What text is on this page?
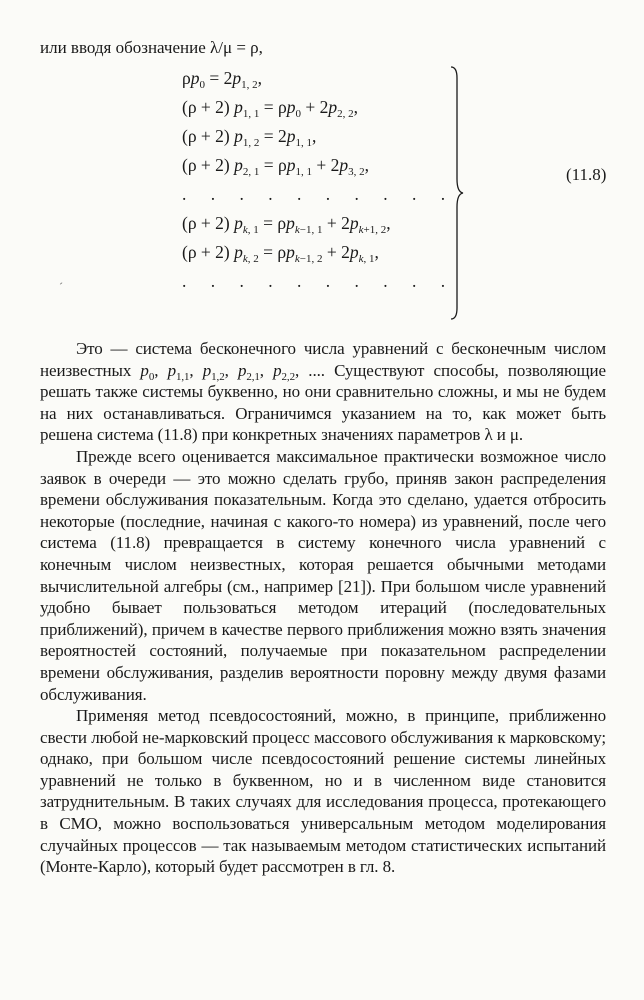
или вводя обозначение λ/μ = ρ,

$\rho p_0 = 2p_{1, 2}$,
(ρ + 2) $p_{1, 1} = \rho p_0 + 2p_{2, 2}$,
(ρ + 2) $p_{1, 2} = 2p_{1, 1}$,
(ρ + 2) $p_{2, 1} = \rho p_{1, 1} + 2p_{3, 2}$,
. . . . . . . . . .
(ρ + 2) $p_{k, 1} = \rho p_{k-1, 1} + 2p_{k+1, 2}$,
(ρ + 2) $p_{k, 2} = \rho p_{k-1, 2} + 2p_{k, 1}$,
. . . . . . . . . .
(11.8)

Это — система бесконечного числа уравнений с бесконечным числом неизвестных $p_0$, $p_{1,1}$, $p_{1,2}$, $p_{2,1}$, $p_{2,2}$, .... Существуют способы, позволяющие решать также системы буквенно, но они сравнительно сложны, и мы не будем на них останавливаться. Ограничимся указанием на то, как может быть решена система (11.8) при конкретных значениях параметров λ и μ.

Прежде всего оценивается максимальное практически возможное число заявок в очереди — это можно сделать грубо, приняв закон распределения времени обслуживания показательным. Когда это сделано, удается отбросить некоторые (последние, начиная с какого-то номера) из уравнений, после чего система (11.8) превращается в систему конечного числа уравнений с конечным числом неизвестных, которая решается обычными методами вычислительной алгебры (см., например [21]). При большом числе уравнений удобно бывает пользоваться методом итераций (последовательных приближений), причем в качестве первого приближения можно взять значения вероятностей состояний, получаемые при показательном распределении времени обслуживания, разделив вероятности поровну между двумя фазами обслуживания.

Применяя метод псевдосостояний, можно, в принципе, приближенно свести любой не-марковский процесс массового обслуживания к марковскому; однако, при большом числе псевдосостояний решение системы линейных уравнений не только в буквенном, но и в численном виде становится затруднительным. В таких случаях для исследования процесса, протекающего в СМО, можно воспользоваться универсальным методом моделирования случайных процессов — так называемым методом статистических испытаний (Монте-Карло), который будет рассмотрен в гл. 8.

ˊ
